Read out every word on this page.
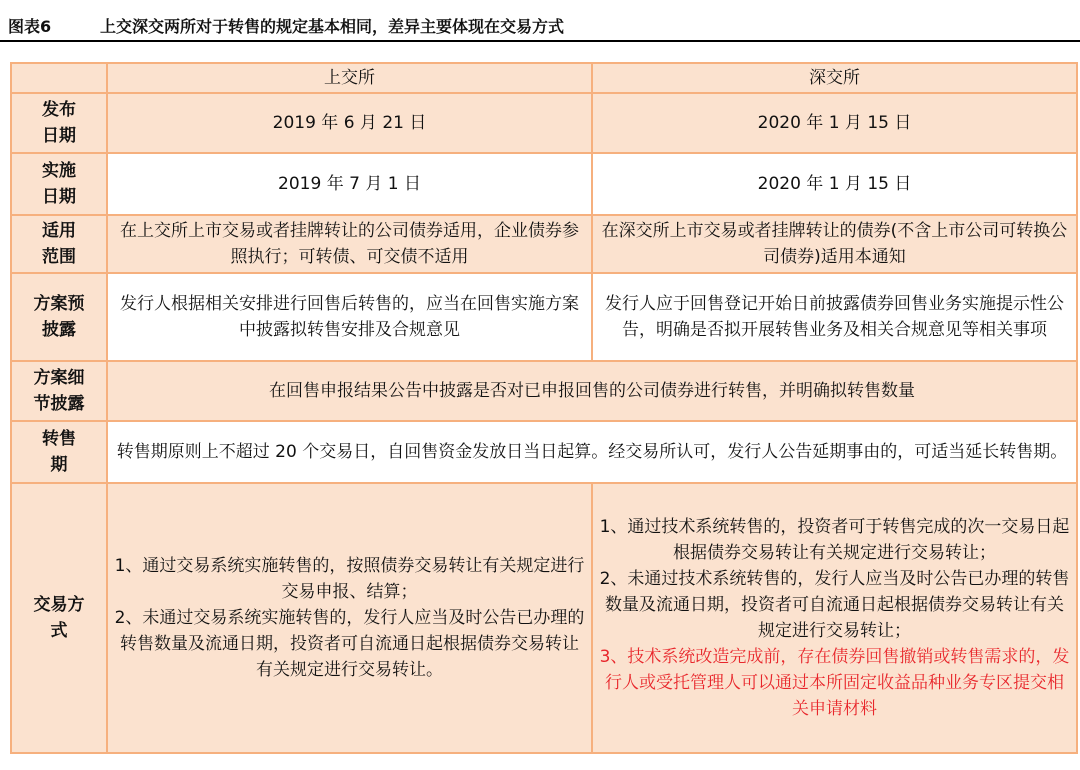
图表6	上交深交两所对于转售的规定基本相同，差异主要体现在交易方式
	上交所	深交所

发布
日期	2019 年 6 月 21 日	2020 年 1 月 15 日

实施
日期	2019 年 7 月 1 日	2020 年 1 月 15 日

适用
范围	在上交所上市交易或者挂牌转让的公司债券适用，企业债券参照执行；可转债、可交债不适用	在深交所上市交易或者挂牌转让的债券(不含上市公司可转换公司债券)适用本通知

方案预
披露	发行人根据相关安排进行回售后转售的，应当在回售实施方案中披露拟转售安排及合规意见	发行人应于回售登记开始日前披露债券回售业务实施提示性公告，明确是否拟开展转售业务及相关合规意见等相关事项

方案细
节披露	在回售申报结果公告中披露是否对已申报回售的公司债券进行转售，并明确拟转售数量	

转售
期	转售期原则上不超过 20 个交易日，自回售资金发放日当日起算。经交易所认可，发行人公告延期事由的，可适当延长转售期。	

交易方
式	1、通过交易系统实施转售的，按照债券交易转让有关规定进行交易申报、结算；
2、未通过交易系统实施转售的，发行人应当及时公告已办理的转售数量及流通日期，投资者可自流通日起根据债券交易转让有关规定进行交易转让。	1、通过技术系统转售的，投资者可于转售完成的次一交易日起根据债券交易转让有关规定进行交易转让；
2、未通过技术系统转售的，发行人应当及时公告已办理的转售数量及流通日期，投资者可自流通日起根据债券交易转让有关规定进行交易转让；
3、技术系统改造完成前，存在债券回售撤销或转售需求的，发行人或受托管理人可以通过本所固定收益品种业务专区提交相关申请材料
